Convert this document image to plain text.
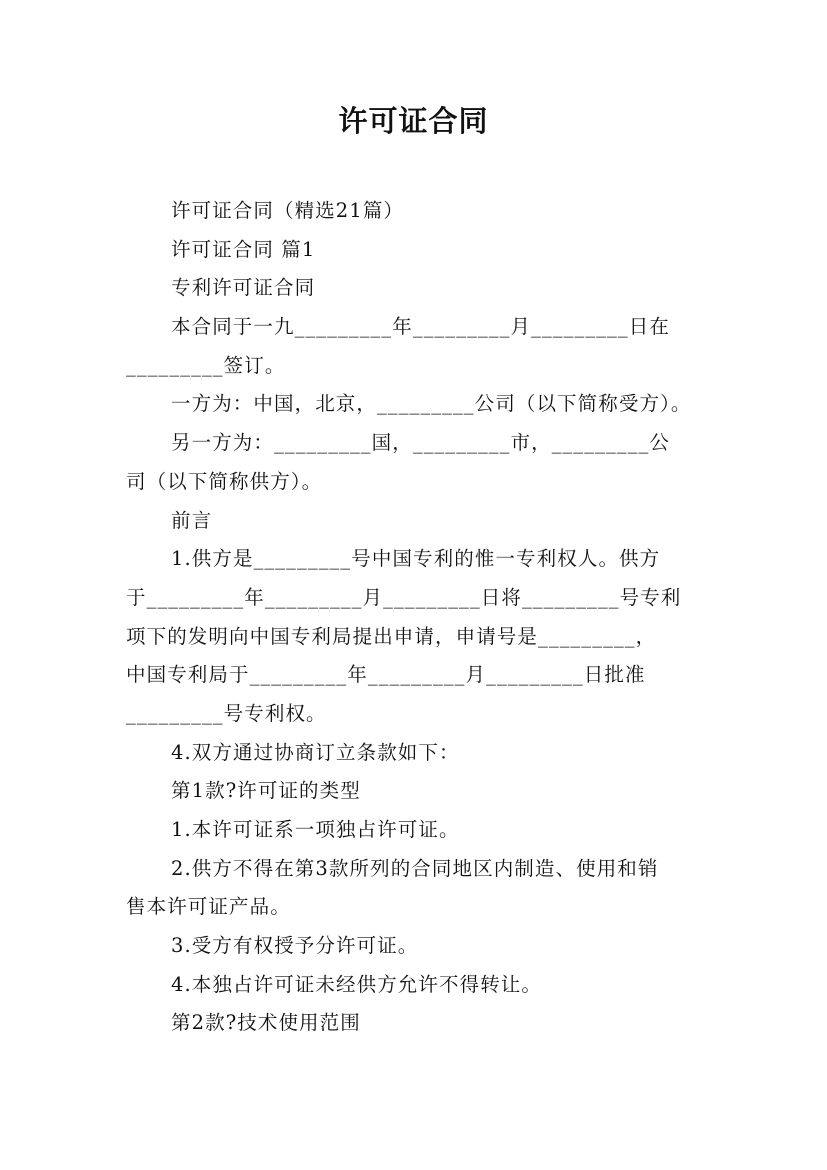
许可证合同
许可证合同（精选21篇）
许可证合同 篇1
专利许可证合同
本合同于一九_________年_________月_________日在
_________签订。
一方为：中国，北京，_________公司（以下简称受方）。
另一方为：_________国，_________市，_________公
司（以下简称供方）。
前言
1.供方是_________号中国专利的惟一专利权人。供方
于_________年_________月_________日将_________号专利
项下的发明向中国专利局提出申请，申请号是_________，
中国专利局于_________年_________月_________日批准
_________号专利权。
4.双方通过协商订立条款如下：
第1款?许可证的类型
1.本许可证系一项独占许可证。
2.供方不得在第3款所列的合同地区内制造、使用和销
售本许可证产品。
3.受方有权授予分许可证。
4.本独占许可证未经供方允许不得转让。
第2款?技术使用范围
